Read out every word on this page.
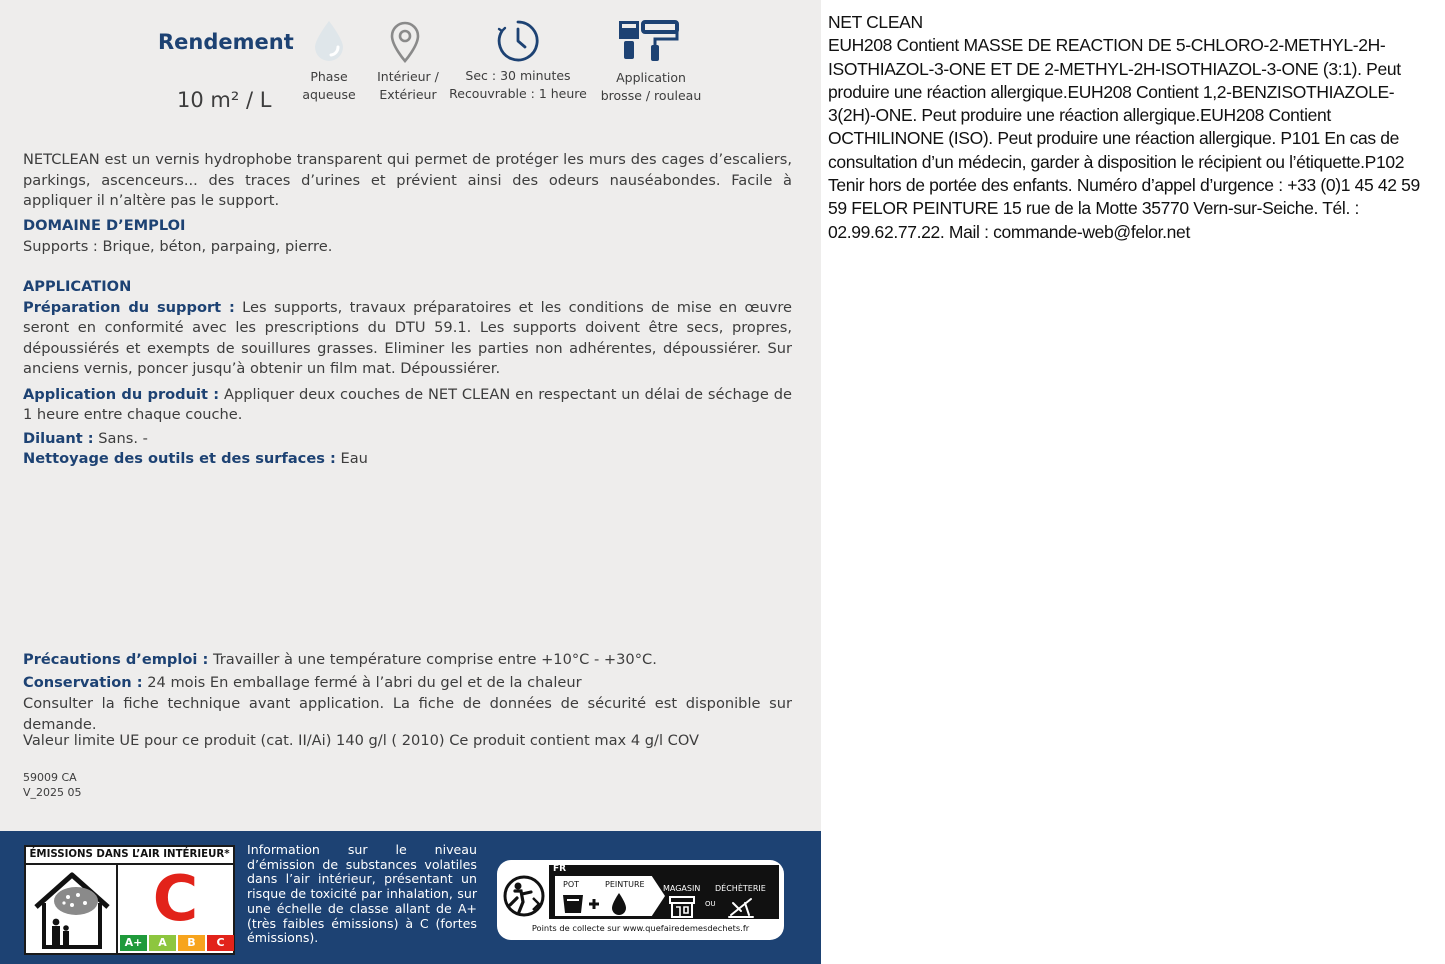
Rendement
10 m² / L
Phase
aqueuse
Intérieur /
Extérieur
Sec : 30 minutes
Recouvrable : 1 heure
Application
brosse / rouleau
NETCLEAN est un vernis hydrophobe transparent qui permet de protéger les murs des cages d’escaliers, parkings, ascenceurs... des traces d’urines et prévient ainsi des odeurs nauséabondes. Facile à appliquer il n’altère pas le support.
DOMAINE D’EMPLOI
Supports : Brique, béton, parpaing, pierre.
APPLICATION
Préparation du support : Les supports, travaux préparatoires et les conditions de mise en œuvre seront en conformité avec les prescriptions du DTU 59.1. Les supports doivent être secs, propres, dépoussiérés et exempts de souillures grasses. Eliminer les parties non adhérentes, dépoussiérer. Sur anciens vernis, poncer jusqu’à obtenir un film mat. Dépoussiérer.
Application du produit : Appliquer deux couches de NET CLEAN en respectant un délai de séchage de 1 heure entre chaque couche.
Diluant : Sans. -
Nettoyage des outils et des surfaces : Eau
Précautions d’emploi : Travailler à une température comprise entre +10°C - +30°C.
Conservation : 24 mois En emballage fermé à l’abri du gel et de la chaleur
Consulter la fiche technique avant application. La fiche de données de sécurité est disponible sur demande.
Valeur limite UE pour ce produit (cat. II/Ai) 140 g/l ( 2010) Ce produit contient max 4 g/l COV
59009 CA
V_2025 05
ÉMISSIONS DANS L’AIR INTÉRIEUR*
C
A+	A	B	C
Information sur le niveau d’émission de substances volatiles dans l’air intérieur, présentant un risque de toxicité par inhalation, sur une échelle de classe allant de A+ (très faibles émissions) à C (fortes émissions).
FR
POT	PEINTURE MAGASIN DÉCHÈTERIE
OU
Points de collecte sur www.quefairedemesdechets.fr
NET CLEAN
EUH208 Contient MASSE DE REACTION DE 5-CHLORO-2-METHYL-2H-ISOTHIAZOL-3-ONE ET DE 2-METHYL-2H-ISOTHIAZOL-3-ONE (3:1). Peut produire une réaction allergique.EUH208 Contient 1,2-BENZISOTHIAZOLE-3(2H)-ONE. Peut produire une réaction allergique.EUH208 Contient OCTHILINONE (ISO). Peut produire une réaction allergique. P101 En cas de consultation d’un médecin, garder à disposition le récipient ou l’étiquette.P102 Tenir hors de portée des enfants. Numéro d’appel d’urgence : +33 (0)1 45 42 59 59 FELOR PEINTURE 15 rue de la Motte 35770 Vern-sur-Seiche. Tél. : 02.99.62.77.22. Mail : commande-web@felor.net
